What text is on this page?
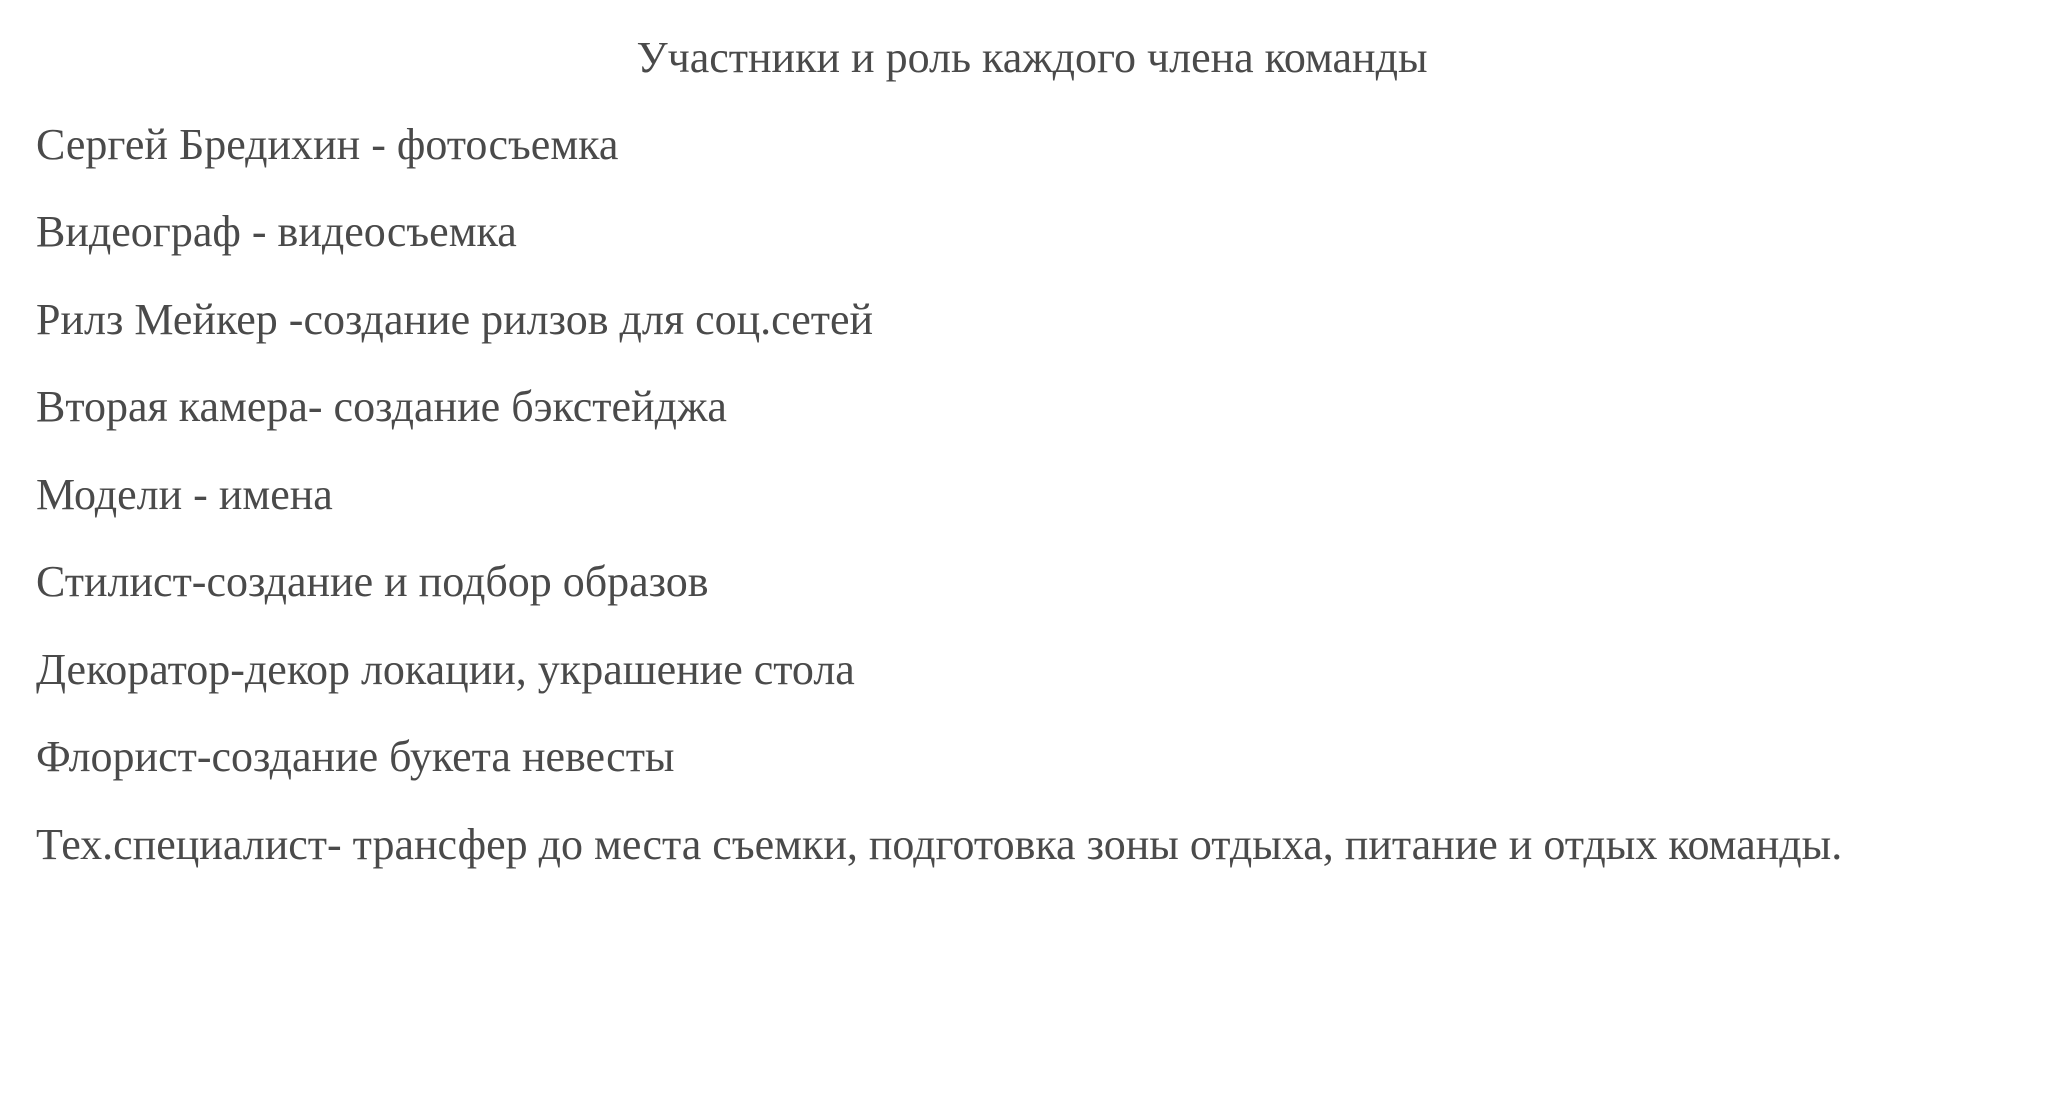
Участники и роль каждого члена команды
Сергей Бредихин - фотосъемка
Видеограф - видеосъемка
Рилз Мейкер -создание рилзов для соц.сетей
Вторая камера- создание бэкстейджа
Модели - имена
Стилист-создание и подбор образов
Декоратор-декор локации, украшение стола
Флорист-создание букета невесты
Тех.специалист- трансфер до места съемки, подготовка зоны отдыха, питание и отдых команды.
